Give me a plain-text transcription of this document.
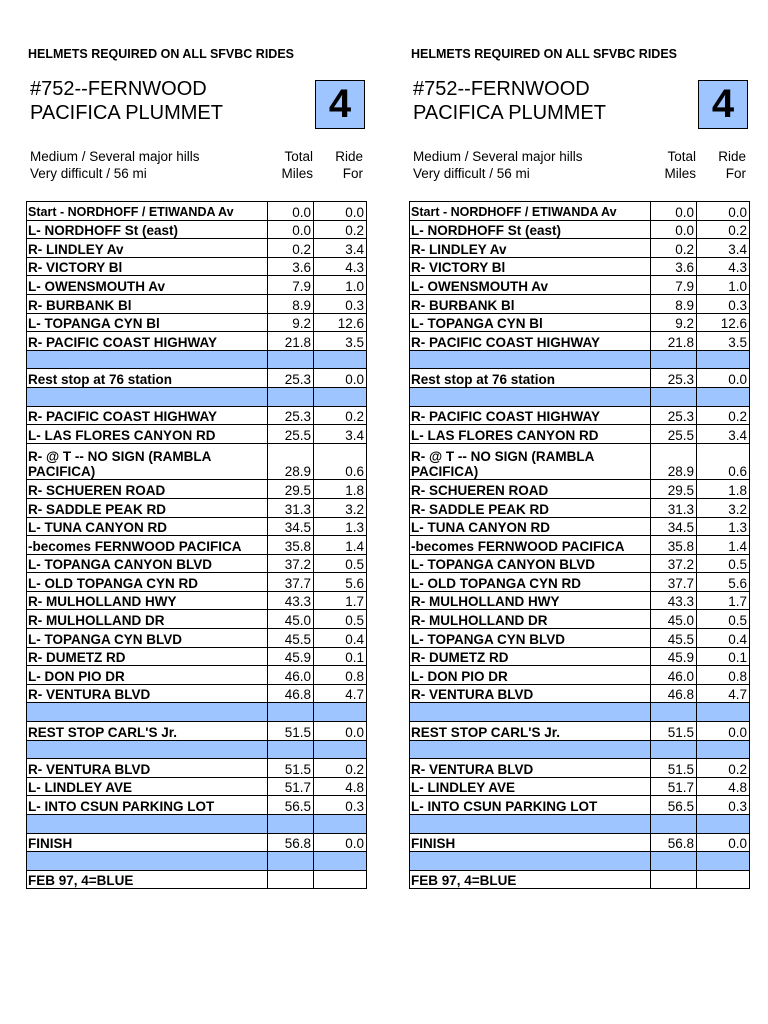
HELMETS REQUIRED ON ALL SFVBC RIDES
#752--FERNWOOD
PACIFICA PLUMMET	4
Medium / Several major hills
Very difficult / 56 mi
Total
Miles
Ride
For
Start - NORDHOFF / ETIWANDA Av	0.0	0.0
L- NORDHOFF St (east)	0.0	0.2
R- LINDLEY Av	0.2	3.4
R- VICTORY Bl	3.6	4.3
L- OWENSMOUTH Av	7.9	1.0
R- BURBANK Bl	8.9	0.3
L- TOPANGA CYN Bl	9.2	12.6
R- PACIFIC COAST HIGHWAY	21.8	3.5

Rest stop at 76 station	25.3	0.0

R- PACIFIC COAST HIGHWAY	25.3	0.2
L- LAS FLORES CANYON RD	25.5	3.4
R- @ T -- NO SIGN (RAMBLA PACIFICA)	28.9	0.6
R- SCHUEREN ROAD	29.5	1.8
R- SADDLE PEAK RD	31.3	3.2
L- TUNA CANYON RD	34.5	1.3
-becomes FERNWOOD PACIFICA	35.8	1.4
L- TOPANGA CANYON BLVD	37.2	0.5
L- OLD TOPANGA CYN RD	37.7	5.6
R- MULHOLLAND HWY	43.3	1.7
R- MULHOLLAND DR	45.0	0.5
L- TOPANGA CYN BLVD	45.5	0.4
R- DUMETZ RD	45.9	0.1
L- DON PIO DR	46.0	0.8
R- VENTURA BLVD	46.8	4.7

REST STOP CARL'S Jr.	51.5	0.0

R- VENTURA BLVD	51.5	0.2
L- LINDLEY AVE	51.7	4.8
L- INTO CSUN PARKING LOT	56.5	0.3

FINISH	56.8	0.0

FEB 97, 4=BLUE		
HELMETS REQUIRED ON ALL SFVBC RIDES
#752--FERNWOOD
PACIFICA PLUMMET	4
Medium / Several major hills
Very difficult / 56 mi
Total
Miles
Ride
For
Start - NORDHOFF / ETIWANDA Av	0.0	0.0
L- NORDHOFF St (east)	0.0	0.2
R- LINDLEY Av	0.2	3.4
R- VICTORY Bl	3.6	4.3
L- OWENSMOUTH Av	7.9	1.0
R- BURBANK Bl	8.9	0.3
L- TOPANGA CYN Bl	9.2	12.6
R- PACIFIC COAST HIGHWAY	21.8	3.5

Rest stop at 76 station	25.3	0.0

R- PACIFIC COAST HIGHWAY	25.3	0.2
L- LAS FLORES CANYON RD	25.5	3.4
R- @ T -- NO SIGN (RAMBLA PACIFICA)	28.9	0.6
R- SCHUEREN ROAD	29.5	1.8
R- SADDLE PEAK RD	31.3	3.2
L- TUNA CANYON RD	34.5	1.3
-becomes FERNWOOD PACIFICA	35.8	1.4
L- TOPANGA CANYON BLVD	37.2	0.5
L- OLD TOPANGA CYN RD	37.7	5.6
R- MULHOLLAND HWY	43.3	1.7
R- MULHOLLAND DR	45.0	0.5
L- TOPANGA CYN BLVD	45.5	0.4
R- DUMETZ RD	45.9	0.1
L- DON PIO DR	46.0	0.8
R- VENTURA BLVD	46.8	4.7

REST STOP CARL'S Jr.	51.5	0.0

R- VENTURA BLVD	51.5	0.2
L- LINDLEY AVE	51.7	4.8
L- INTO CSUN PARKING LOT	56.5	0.3

FINISH	56.8	0.0

FEB 97, 4=BLUE		
